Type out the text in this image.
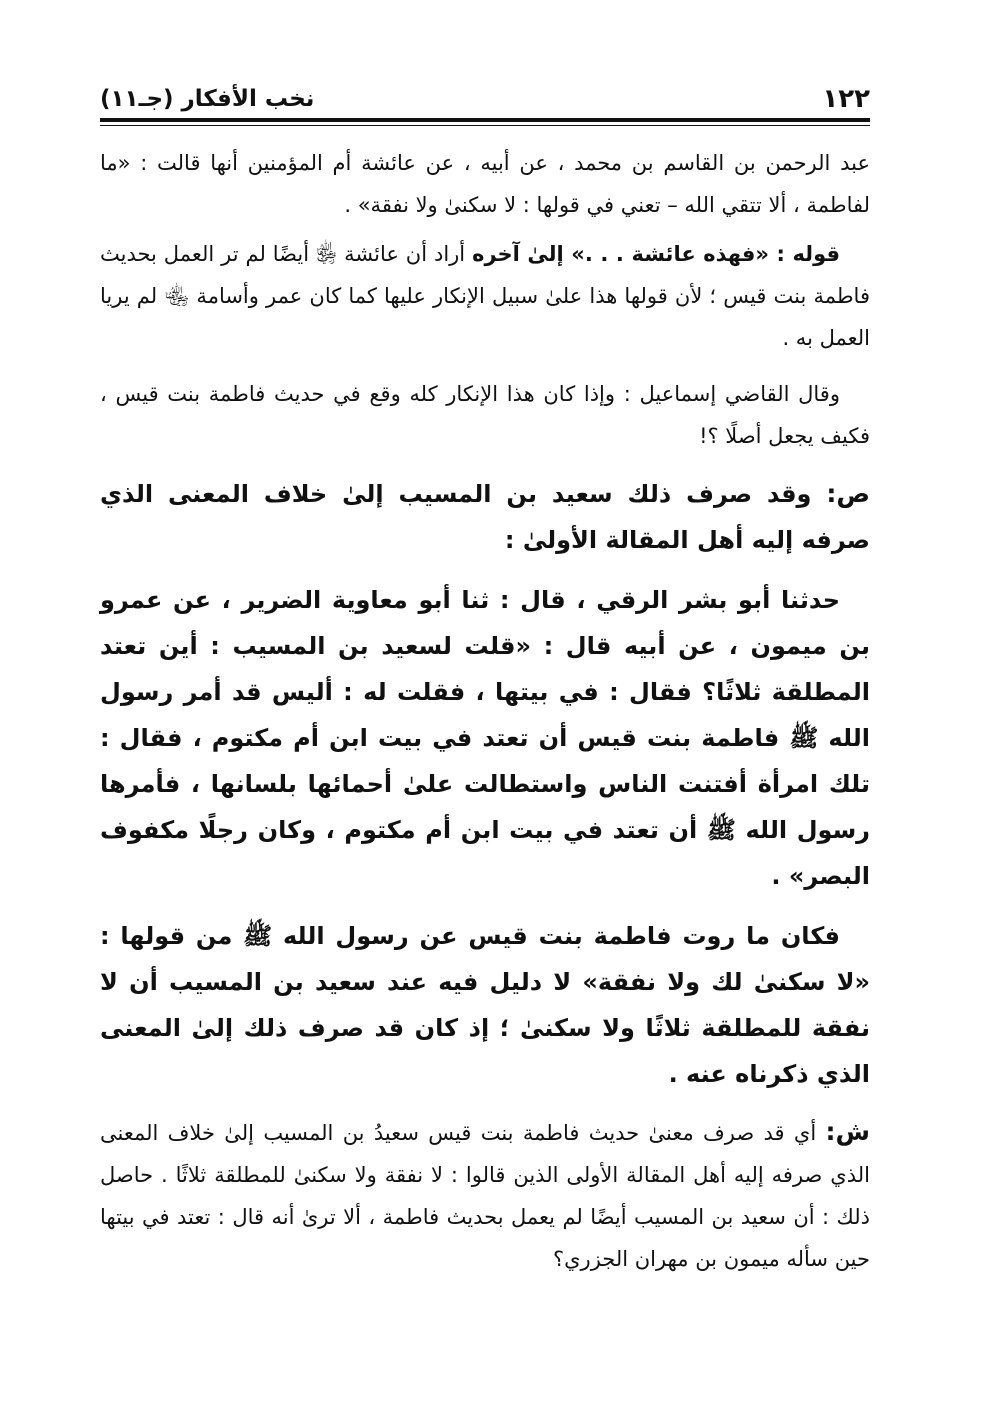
١٢٢
نخب الأفكار (جـ١١)

عبد الرحمن بن القاسم بن محمد ، عن أبيه ، عن عائشة أم المؤمنين أنها قالت : «ما لفاطمة ، ألا تتقي الله – تعني في قولها : لا سكنىٰ ولا نفقة» .

قوله : «فهذه عائشة . . .» إلىٰ آخره أراد أن عائشة ﵂ أيضًا لم تر العمل بحديث فاطمة بنت قيس ؛ لأن قولها هذا علىٰ سبيل الإنكار عليها كما كان عمر وأسامة ﵄ لم يريا العمل به .

وقال القاضي إسماعيل : وإذا كان هذا الإنكار كله وقع في حديث فاطمة بنت قيس ، فكيف يجعل أصلًا ؟!

ص: وقد صرف ذلك سعيد بن المسيب إلىٰ خلاف المعنى الذي صرفه إليه أهل المقالة الأولىٰ :

حدثنا أبو بشر الرقي ، قال : ثنا أبو معاوية الضرير ، عن عمرو بن ميمون ، عن أبيه قال : «قلت لسعيد بن المسيب : أين تعتد المطلقة ثلاثًا؟ فقال : في بيتها ، فقلت له : أليس قد أمر رسول الله ﷺ فاطمة بنت قيس أن تعتد في بيت ابن أم مكتوم ، فقال : تلك امرأة أفتنت الناس واستطالت علىٰ أحمائها بلسانها ، فأمرها رسول الله ﷺ أن تعتد في بيت ابن أم مكتوم ، وكان رجلًا مكفوف البصر» .

فكان ما روت فاطمة بنت قيس عن رسول الله ﷺ من قولها : «لا سكنىٰ لك ولا نفقة» لا دليل فيه عند سعيد بن المسيب أن لا نفقة للمطلقة ثلاثًا ولا سكنىٰ ؛ إذ كان قد صرف ذلك إلىٰ المعنى الذي ذكرناه عنه .

ش: أي قد صرف معنىٰ حديث فاطمة بنت قيس سعيدُ بن المسيب إلىٰ خلاف المعنى الذي صرفه إليه أهل المقالة الأولى الذين قالوا : لا نفقة ولا سكنىٰ للمطلقة ثلاثًا . حاصل ذلك : أن سعيد بن المسيب أيضًا لم يعمل بحديث فاطمة ، ألا ترىٰ أنه قال : تعتد في بيتها حين سأله ميمون بن مهران الجزري؟
